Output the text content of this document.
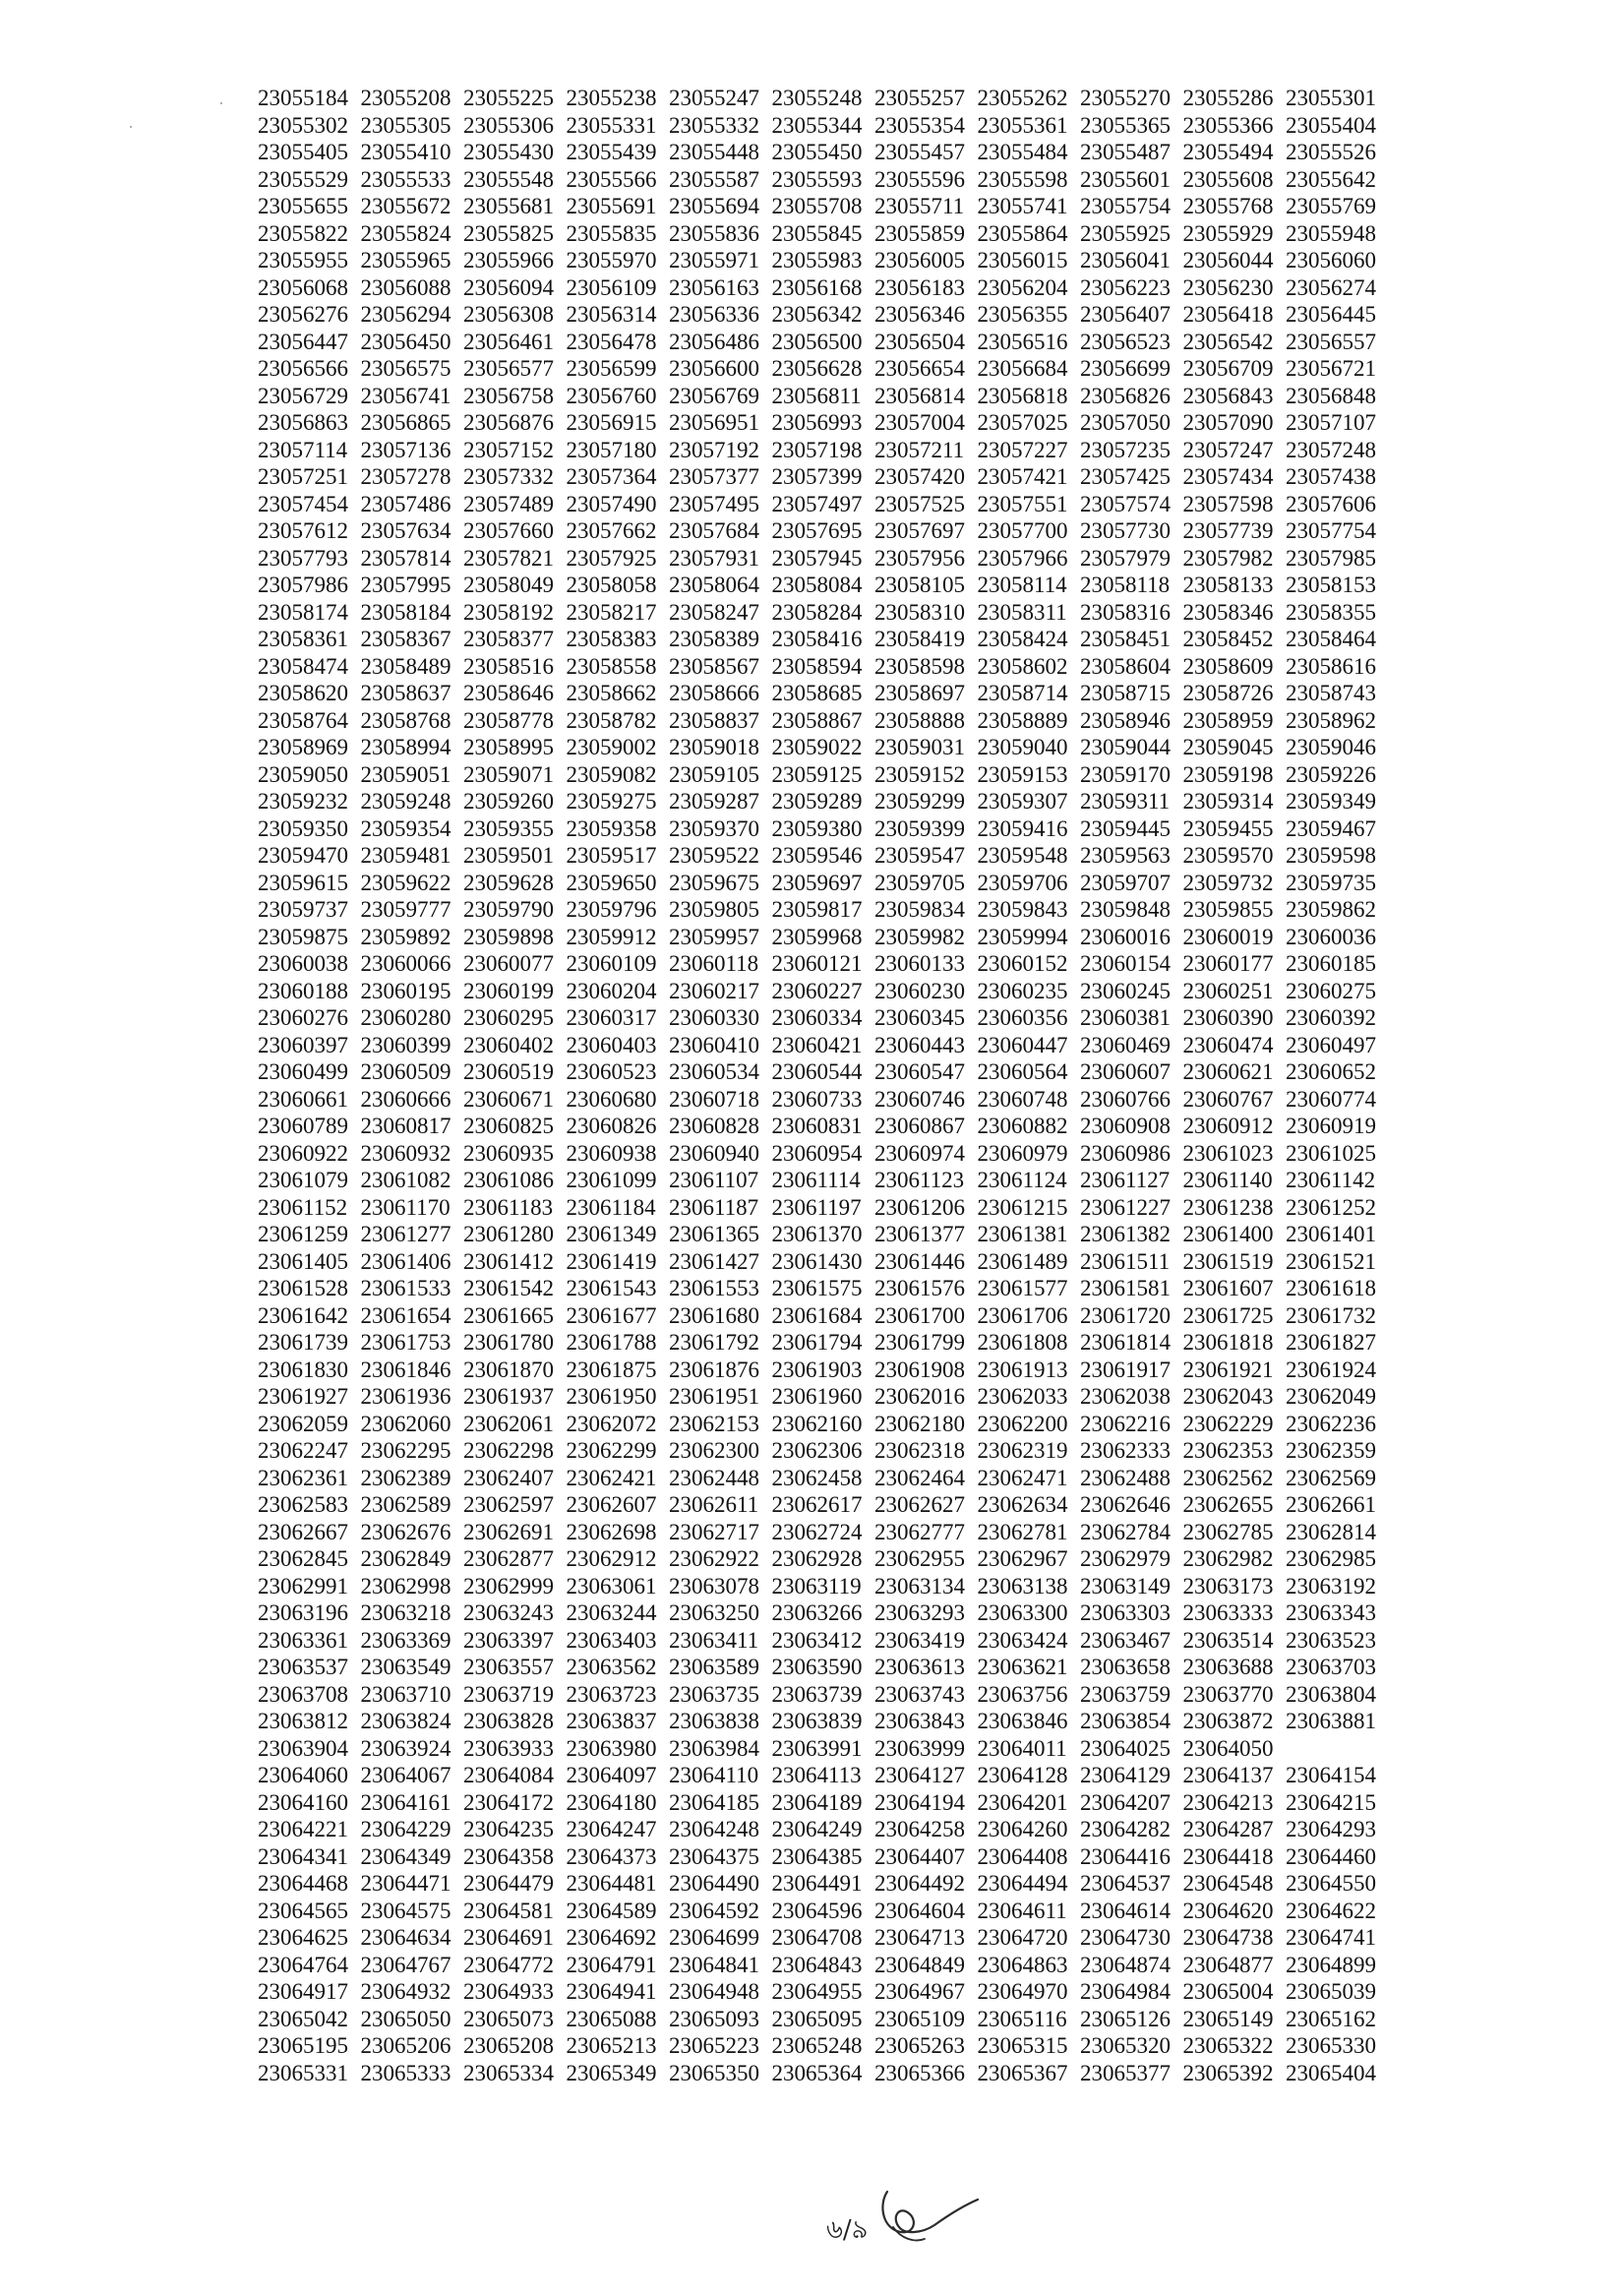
23055184 23055208 23055225 23055238 23055247 23055248 23055257 23055262 23055270 23055286 23055301
23055302 23055305 23055306 23055331 23055332 23055344 23055354 23055361 23055365 23055366 23055404
23055405 23055410 23055430 23055439 23055448 23055450 23055457 23055484 23055487 23055494 23055526
23055529 23055533 23055548 23055566 23055587 23055593 23055596 23055598 23055601 23055608 23055642
23055655 23055672 23055681 23055691 23055694 23055708 23055711 23055741 23055754 23055768 23055769
23055822 23055824 23055825 23055835 23055836 23055845 23055859 23055864 23055925 23055929 23055948
23055955 23055965 23055966 23055970 23055971 23055983 23056005 23056015 23056041 23056044 23056060
23056068 23056088 23056094 23056109 23056163 23056168 23056183 23056204 23056223 23056230 23056274
23056276 23056294 23056308 23056314 23056336 23056342 23056346 23056355 23056407 23056418 23056445
23056447 23056450 23056461 23056478 23056486 23056500 23056504 23056516 23056523 23056542 23056557
23056566 23056575 23056577 23056599 23056600 23056628 23056654 23056684 23056699 23056709 23056721
23056729 23056741 23056758 23056760 23056769 23056811 23056814 23056818 23056826 23056843 23056848
23056863 23056865 23056876 23056915 23056951 23056993 23057004 23057025 23057050 23057090 23057107
23057114 23057136 23057152 23057180 23057192 23057198 23057211 23057227 23057235 23057247 23057248
23057251 23057278 23057332 23057364 23057377 23057399 23057420 23057421 23057425 23057434 23057438
23057454 23057486 23057489 23057490 23057495 23057497 23057525 23057551 23057574 23057598 23057606
23057612 23057634 23057660 23057662 23057684 23057695 23057697 23057700 23057730 23057739 23057754
23057793 23057814 23057821 23057925 23057931 23057945 23057956 23057966 23057979 23057982 23057985
23057986 23057995 23058049 23058058 23058064 23058084 23058105 23058114 23058118 23058133 23058153
23058174 23058184 23058192 23058217 23058247 23058284 23058310 23058311 23058316 23058346 23058355
23058361 23058367 23058377 23058383 23058389 23058416 23058419 23058424 23058451 23058452 23058464
23058474 23058489 23058516 23058558 23058567 23058594 23058598 23058602 23058604 23058609 23058616
23058620 23058637 23058646 23058662 23058666 23058685 23058697 23058714 23058715 23058726 23058743
23058764 23058768 23058778 23058782 23058837 23058867 23058888 23058889 23058946 23058959 23058962
23058969 23058994 23058995 23059002 23059018 23059022 23059031 23059040 23059044 23059045 23059046
23059050 23059051 23059071 23059082 23059105 23059125 23059152 23059153 23059170 23059198 23059226
23059232 23059248 23059260 23059275 23059287 23059289 23059299 23059307 23059311 23059314 23059349
23059350 23059354 23059355 23059358 23059370 23059380 23059399 23059416 23059445 23059455 23059467
23059470 23059481 23059501 23059517 23059522 23059546 23059547 23059548 23059563 23059570 23059598
23059615 23059622 23059628 23059650 23059675 23059697 23059705 23059706 23059707 23059732 23059735
23059737 23059777 23059790 23059796 23059805 23059817 23059834 23059843 23059848 23059855 23059862
23059875 23059892 23059898 23059912 23059957 23059968 23059982 23059994 23060016 23060019 23060036
23060038 23060066 23060077 23060109 23060118 23060121 23060133 23060152 23060154 23060177 23060185
23060188 23060195 23060199 23060204 23060217 23060227 23060230 23060235 23060245 23060251 23060275
23060276 23060280 23060295 23060317 23060330 23060334 23060345 23060356 23060381 23060390 23060392
23060397 23060399 23060402 23060403 23060410 23060421 23060443 23060447 23060469 23060474 23060497
23060499 23060509 23060519 23060523 23060534 23060544 23060547 23060564 23060607 23060621 23060652
23060661 23060666 23060671 23060680 23060718 23060733 23060746 23060748 23060766 23060767 23060774
23060789 23060817 23060825 23060826 23060828 23060831 23060867 23060882 23060908 23060912 23060919
23060922 23060932 23060935 23060938 23060940 23060954 23060974 23060979 23060986 23061023 23061025
23061079 23061082 23061086 23061099 23061107 23061114 23061123 23061124 23061127 23061140 23061142
23061152 23061170 23061183 23061184 23061187 23061197 23061206 23061215 23061227 23061238 23061252
23061259 23061277 23061280 23061349 23061365 23061370 23061377 23061381 23061382 23061400 23061401
23061405 23061406 23061412 23061419 23061427 23061430 23061446 23061489 23061511 23061519 23061521
23061528 23061533 23061542 23061543 23061553 23061575 23061576 23061577 23061581 23061607 23061618
23061642 23061654 23061665 23061677 23061680 23061684 23061700 23061706 23061720 23061725 23061732
23061739 23061753 23061780 23061788 23061792 23061794 23061799 23061808 23061814 23061818 23061827
23061830 23061846 23061870 23061875 23061876 23061903 23061908 23061913 23061917 23061921 23061924
23061927 23061936 23061937 23061950 23061951 23061960 23062016 23062033 23062038 23062043 23062049
23062059 23062060 23062061 23062072 23062153 23062160 23062180 23062200 23062216 23062229 23062236
23062247 23062295 23062298 23062299 23062300 23062306 23062318 23062319 23062333 23062353 23062359
23062361 23062389 23062407 23062421 23062448 23062458 23062464 23062471 23062488 23062562 23062569
23062583 23062589 23062597 23062607 23062611 23062617 23062627 23062634 23062646 23062655 23062661
23062667 23062676 23062691 23062698 23062717 23062724 23062777 23062781 23062784 23062785 23062814
23062845 23062849 23062877 23062912 23062922 23062928 23062955 23062967 23062979 23062982 23062985
23062991 23062998 23062999 23063061 23063078 23063119 23063134 23063138 23063149 23063173 23063192
23063196 23063218 23063243 23063244 23063250 23063266 23063293 23063300 23063303 23063333 23063343
23063361 23063369 23063397 23063403 23063411 23063412 23063419 23063424 23063467 23063514 23063523
23063537 23063549 23063557 23063562 23063589 23063590 23063613 23063621 23063658 23063688 23063703
23063708 23063710 23063719 23063723 23063735 23063739 23063743 23063756 23063759 23063770 23063804
23063812 23063824 23063828 23063837 23063838 23063839 23063843 23063846 23063854 23063872 23063881
23063904 23063924 23063933 23063980 23063984 23063991 23063999 23064011 23064025 23064050
23064060 23064067 23064084 23064097 23064110 23064113 23064127 23064128 23064129 23064137 23064154
23064160 23064161 23064172 23064180 23064185 23064189 23064194 23064201 23064207 23064213 23064215
23064221 23064229 23064235 23064247 23064248 23064249 23064258 23064260 23064282 23064287 23064293
23064341 23064349 23064358 23064373 23064375 23064385 23064407 23064408 23064416 23064418 23064460
23064468 23064471 23064479 23064481 23064490 23064491 23064492 23064494 23064537 23064548 23064550
23064565 23064575 23064581 23064589 23064592 23064596 23064604 23064611 23064614 23064620 23064622
23064625 23064634 23064691 23064692 23064699 23064708 23064713 23064720 23064730 23064738 23064741
23064764 23064767 23064772 23064791 23064841 23064843 23064849 23064863 23064874 23064877 23064899
23064917 23064932 23064933 23064941 23064948 23064955 23064967 23064970 23064984 23065004 23065039
23065042 23065050 23065073 23065088 23065093 23065095 23065109 23065116 23065126 23065149 23065162
23065195 23065206 23065208 23065213 23065223 23065248 23065263 23065315 23065320 23065322 23065330
23065331 23065333 23065334 23065349 23065350 23065364 23065366 23065367 23065377 23065392 23065404
৬/৯
